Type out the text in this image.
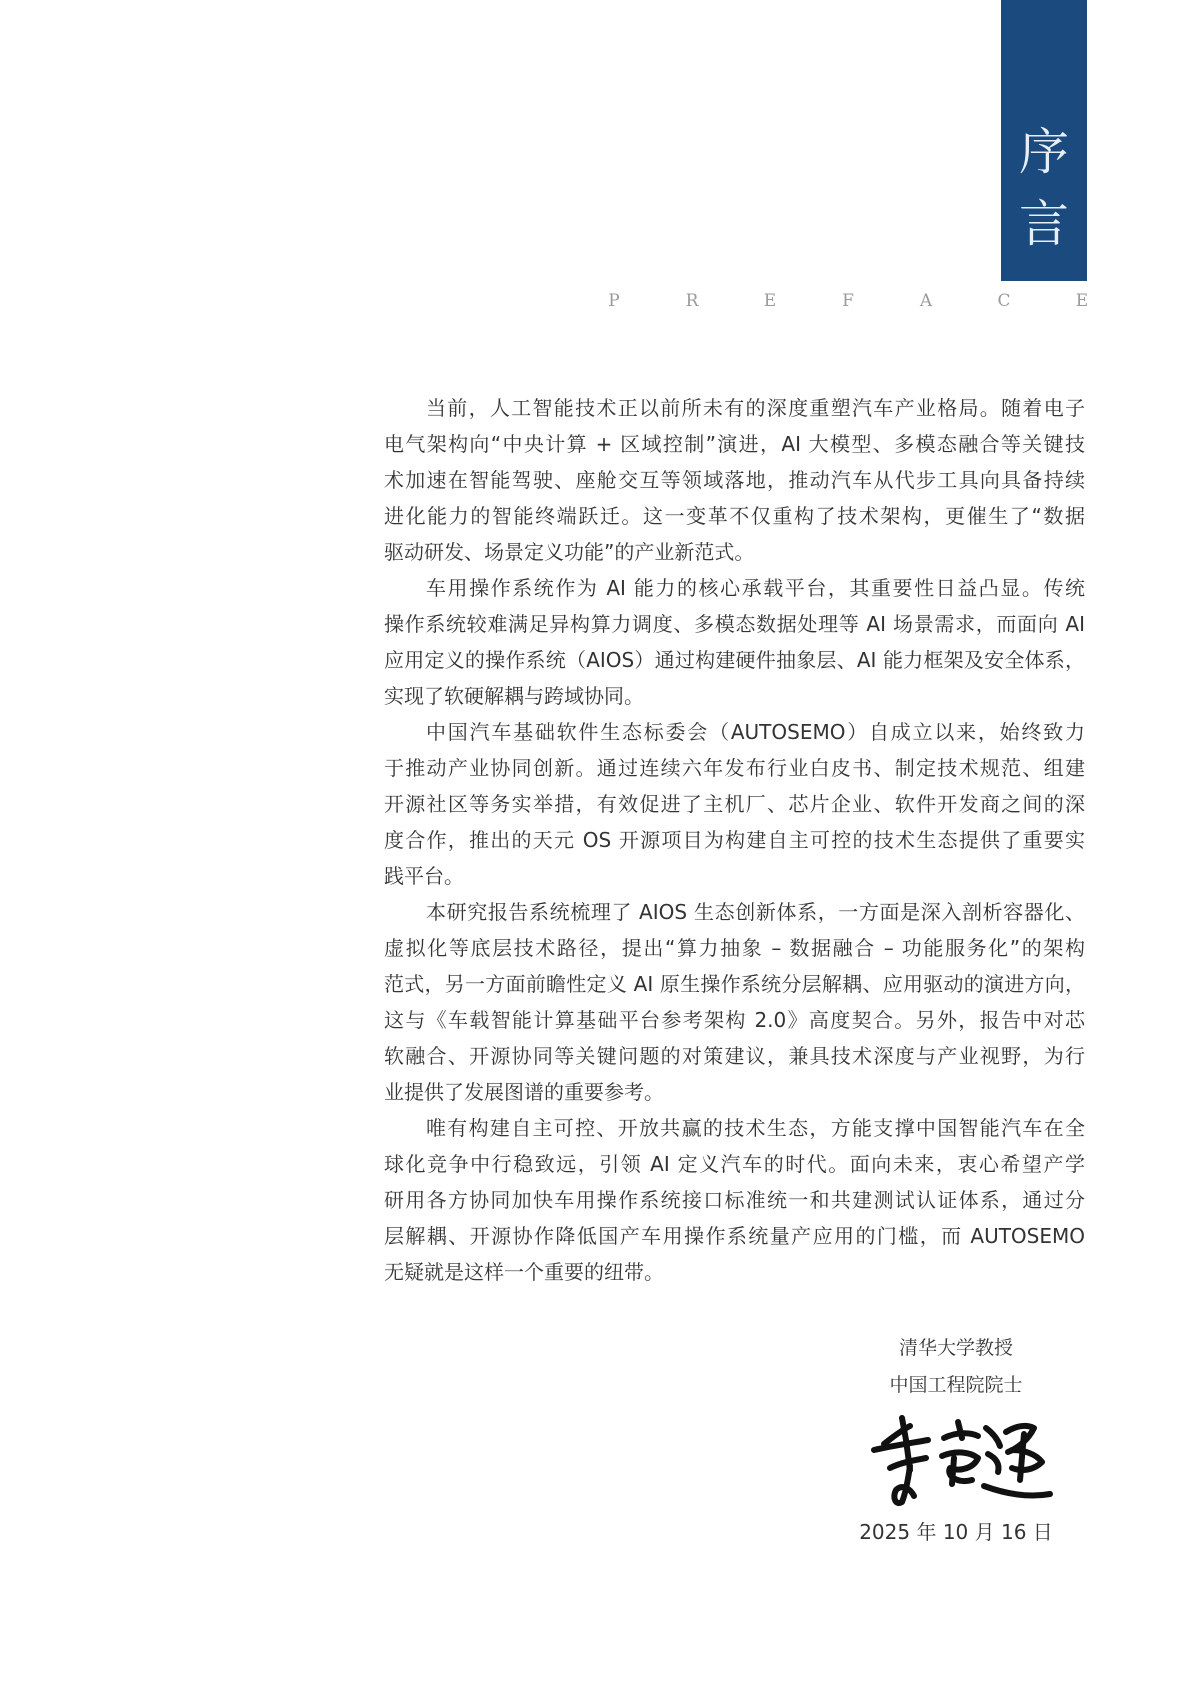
序
言
P	R	E	F	A	C	E
当前，人工智能技术正以前所未有的深度重塑汽车产业格局。随着电子
电气架构向“中央计算 + 区域控制”演进，AI 大模型、多模态融合等关键技
术加速在智能驾驶、座舱交互等领域落地，推动汽车从代步工具向具备持续
进化能力的智能终端跃迁。这一变革不仅重构了技术架构，更催生了“数据
驱动研发、场景定义功能”的产业新范式。
车用操作系统作为 AI 能力的核心承载平台，其重要性日益凸显。传统
操作系统较难满足异构算力调度、多模态数据处理等 AI 场景需求，而面向 AI
应用定义的操作系统（AIOS）通过构建硬件抽象层、AI 能力框架及安全体系，
实现了软硬解耦与跨域协同。
中国汽车基础软件生态标委会（AUTOSEMO）自成立以来，始终致力
于推动产业协同创新。通过连续六年发布行业白皮书、制定技术规范、组建
开源社区等务实举措，有效促进了主机厂、芯片企业、软件开发商之间的深
度合作，推出的天元 OS 开源项目为构建自主可控的技术生态提供了重要实
践平台。
本研究报告系统梳理了 AIOS 生态创新体系，一方面是深入剖析容器化、
虚拟化等底层技术路径，提出“算力抽象 – 数据融合 – 功能服务化”的架构
范式，另一方面前瞻性定义 AI 原生操作系统分层解耦、应用驱动的演进方向，
这与《车载智能计算基础平台参考架构 2.0》高度契合。另外，报告中对芯
软融合、开源协同等关键问题的对策建议，兼具技术深度与产业视野，为行
业提供了发展图谱的重要参考。
唯有构建自主可控、开放共赢的技术生态，方能支撑中国智能汽车在全
球化竞争中行稳致远，引领 AI 定义汽车的时代。面向未来，衷心希望产学
研用各方协同加快车用操作系统接口标准统一和共建测试认证体系，通过分
层解耦、开源协作降低国产车用操作系统量产应用的门槛，而 AUTOSEMO
无疑就是这样一个重要的纽带。
清华大学教授
中国工程院院士
2025 年 10 月 16 日
